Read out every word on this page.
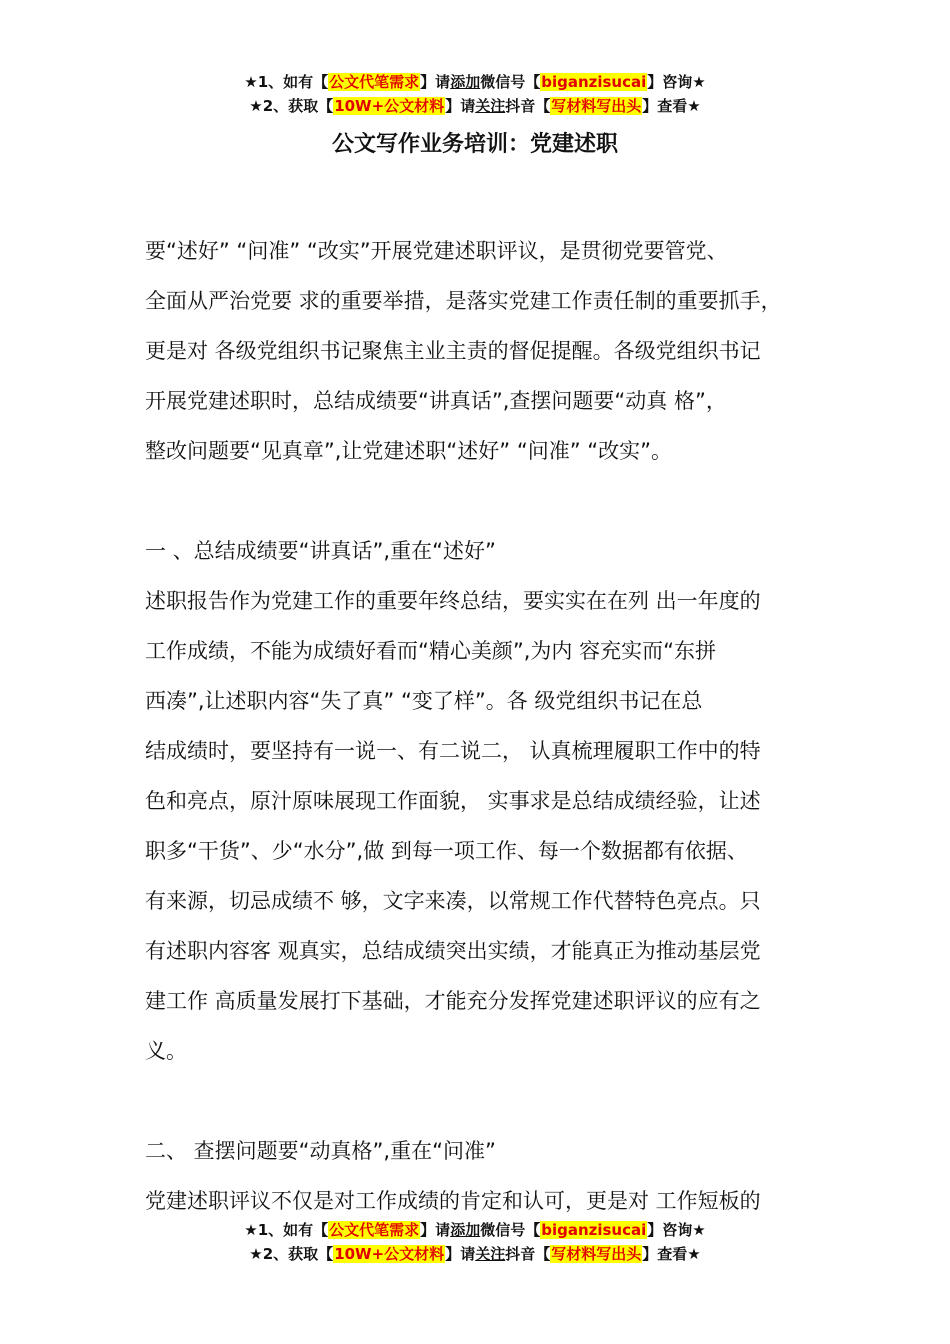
★1、如有【公文代笔需求】请添加微信号【biganzisucai】咨询★
★2、获取【10W+公文材料】请关注抖音【写材料写出头】查看★
公文写作业务培训：党建述职

要“述好” “问准” “改实”开展党建述职评议，是贯彻党要管党、
全面从严治党要 求的重要举措，是落实党建工作责任制的重要抓手，
更是对 各级党组织书记聚焦主业主责的督促提醒。各级党组织书记
开展党建述职时，总结成绩要“讲真话”,查摆问题要“动真 格”，
整改问题要“见真章”,让党建述职“述好” “问准” “改实”。

一 、总结成绩要“讲真话”,重在“述好”

述职报告作为党建工作的重要年终总结，要实实在在列 出一年度的
工作成绩，不能为成绩好看而“精心美颜”,为内 容充实而“东拼
西凑”,让述职内容“失了真” “变了样”。各 级党组织书记在总
结成绩时，要坚持有一说一、有二说二， 认真梳理履职工作中的特
色和亮点，原汁原味展现工作面貌， 实事求是总结成绩经验，让述
职多“干货”、少“水分”,做 到每一项工作、每一个数据都有依据、
有来源，切忌成绩不 够，文字来凑，以常规工作代替特色亮点。只
有述职内容客 观真实，总结成绩突出实绩，才能真正为推动基层党
建工作 高质量发展打下基础，才能充分发挥党建述职评议的应有之
义。

二、 查摆问题要“动真格”,重在“问准”

党建述职评议不仅是对工作成绩的肯定和认可，更是对 工作短板的

★1、如有【公文代笔需求】请添加微信号【biganzisucai】咨询★
★2、获取【10W+公文材料】请关注抖音【写材料写出头】查看★
